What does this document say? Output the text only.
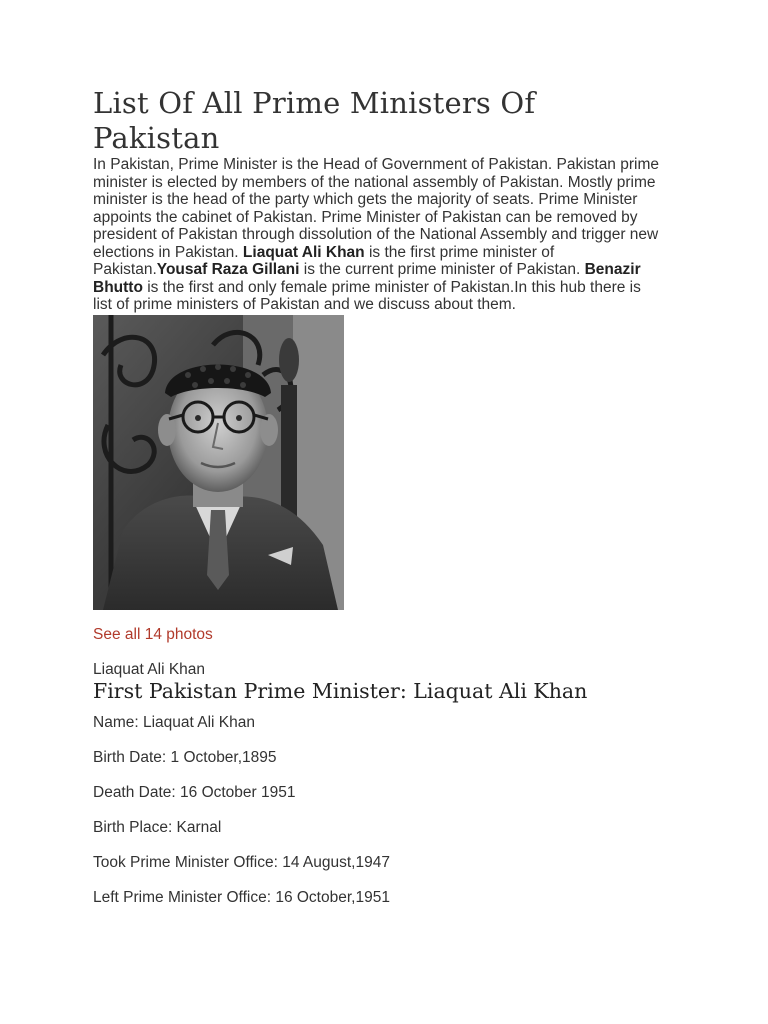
List Of All Prime Ministers Of Pakistan

In Pakistan, Prime Minister is the Head of Government of Pakistan. Pakistan prime minister is elected by members of the national assembly of Pakistan. Mostly prime minister is the head of the party which gets the majority of seats. Prime Minister appoints the cabinet of Pakistan. Prime Minister of Pakistan can be removed by president of Pakistan through dissolution of the National Assembly and trigger new elections in Pakistan. Liaquat Ali Khan is the first prime minister of Pakistan.Yousaf Raza Gillani is the current prime minister of Pakistan. Benazir Bhutto is the first and only female prime minister of Pakistan.In this hub there is list of prime ministers of Pakistan and we discuss about them.

See all 14 photos
Liaquat Ali Khan
First Pakistan Prime Minister: Liaquat Ali Khan

Name: Liaquat Ali Khan

Birth Date: 1 October,1895

Death Date: 16 October 1951

Birth Place: Karnal

Took Prime Minister Office: 14 August,1947

Left Prime Minister Office: 16 October,1951
